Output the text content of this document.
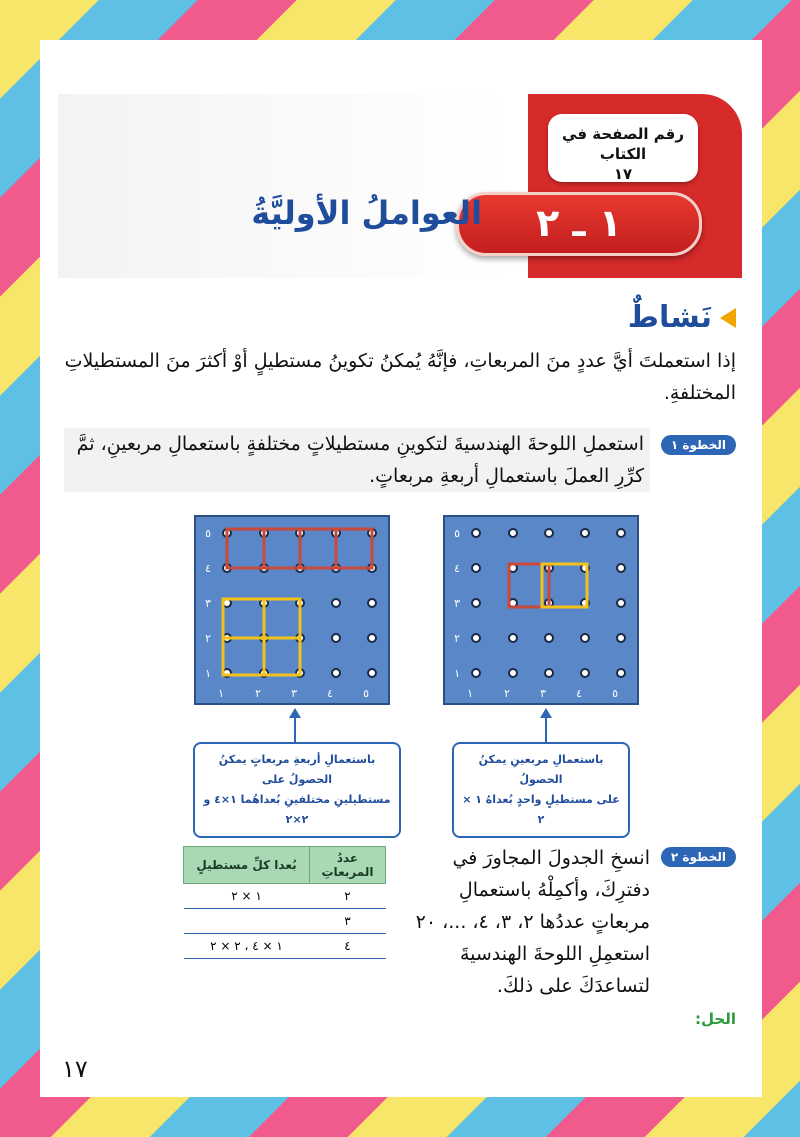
رقم الصفحة في الكتاب
١٧
١ ـ ٢
العواملُ الأوليَّةُ
نَشاطٌ
إذا استعملتَ أيَّ عددٍ منَ المربعاتِ، فإنَّهُ يُمكنُ تكوينُ مستطيلٍ أوْ أكثرَ منَ المستطيلاتِ المختلفةِ.
الخطوة ١
استعملِ اللوحةَ الهندسيةَ لتكوينِ مستطيلاتٍ مختلفةٍ باستعمالِ مربعينِ، ثمَّ كرِّرِ العملَ باستعمالِ أربعةِ مربعاتٍ.
٥
٤
٣
٢
١
١	٢	٣	٤	٥
٥
٤
٣
٢
١
١	٢	٣	٤	٥
باستعمالِ أربعةِ مربعاتٍ يمكنُ الحصولُ على
مستطيلينِ مختلفينِ بُعداهُما ١×٤ و ٢×٢
باستعمالِ مربعينِ يمكنُ الحصولُ
على مستطيلٍ واحدٍ بُعداهُ ١ × ٢
الخطوة ٢
انسخِ الجدولَ المجاورَ في دفترِكَ، وأكمِلْهُ باستعمالِ مربعاتٍ عددُها ٢، ٣، ٤، ...، ٢٠ استعمِلِ اللوحةَ الهندسيةَ لتساعدَكَ على ذلكَ.
عددُ المربعاتِ	بُعدا كلِّ مستطيلٍ
٢	١ × ٢
٣	
٤	١ × ٤ ، ٢ × ٢
الحل:
١٧
